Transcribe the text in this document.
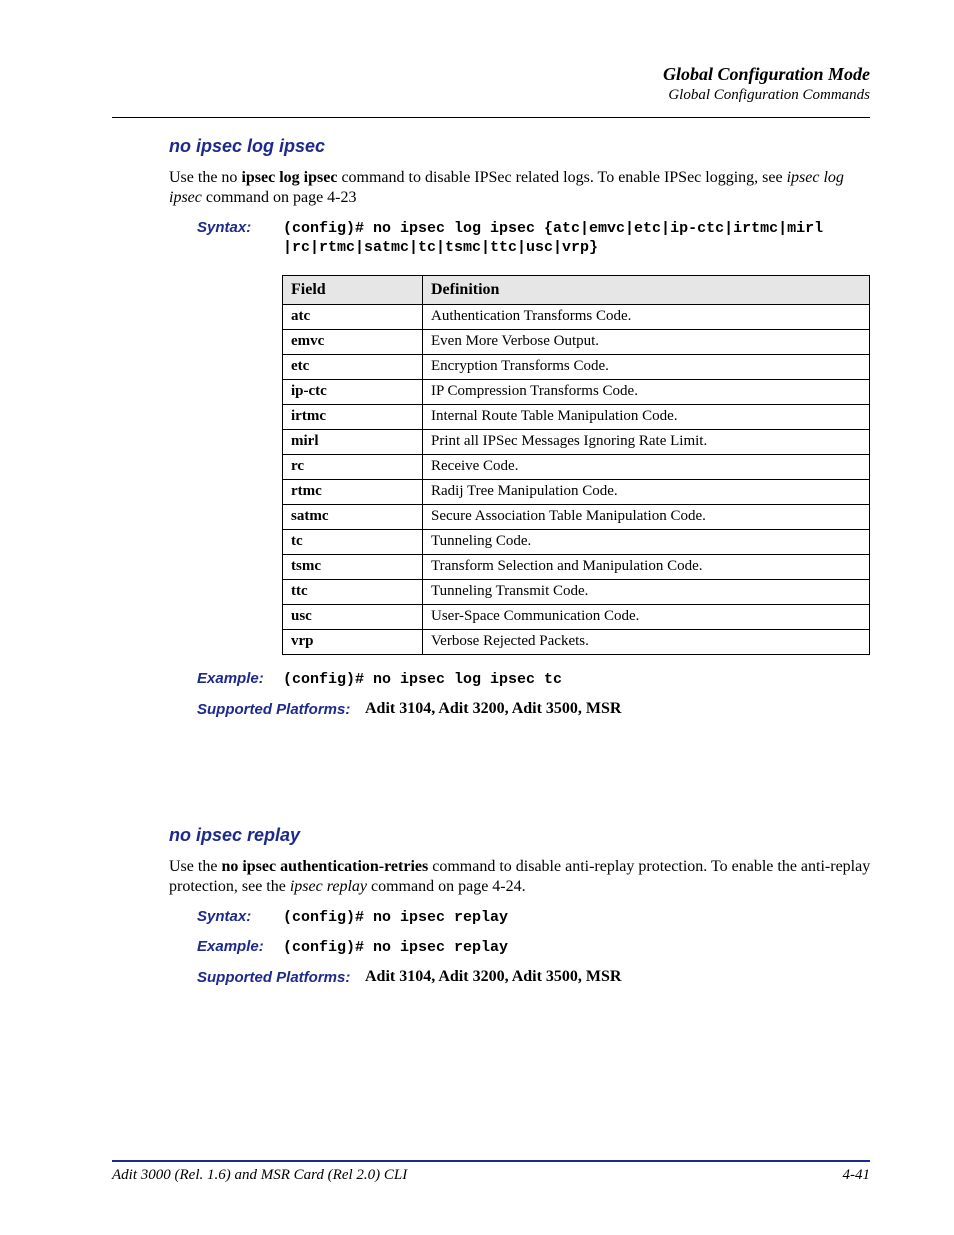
Global Configuration Mode
Global Configuration Commands
no ipsec log ipsec
Use the no ipsec log ipsec command to disable IPSec related logs. To enable IPSec logging, see ipsec log ipsec command on page 4-23
Syntax: (config)# no ipsec log ipsec {atc|emvc|etc|ip-ctc|irtmc|mirl
|rc|rtmc|satmc|tc|tsmc|ttc|usc|vrp}
Field	Definition
atc	Authentication Transforms Code.
emvc	Even More Verbose Output.
etc	Encryption Transforms Code.
ip-ctc	IP Compression Transforms Code.
irtmc	Internal Route Table Manipulation Code.
mirl	Print all IPSec Messages Ignoring Rate Limit.
rc	Receive Code.
rtmc	Radij Tree Manipulation Code.
satmc	Secure Association Table Manipulation Code.
tc	Tunneling Code.
tsmc	Transform Selection and Manipulation Code.
ttc	Tunneling Transmit Code.
usc	User-Space Communication Code.
vrp	Verbose Rejected Packets.
Example: (config)# no ipsec log ipsec tc
Supported Platforms: Adit 3104, Adit 3200, Adit 3500, MSR
no ipsec replay
Use the no ipsec authentication-retries command to disable anti-replay protection. To enable the anti-replay protection, see the ipsec replay command on page 4-24.
Syntax: (config)# no ipsec replay
Example: (config)# no ipsec replay
Supported Platforms: Adit 3104, Adit 3200, Adit 3500, MSR
Adit 3000 (Rel. 1.6) and MSR Card (Rel 2.0) CLI	4-41
